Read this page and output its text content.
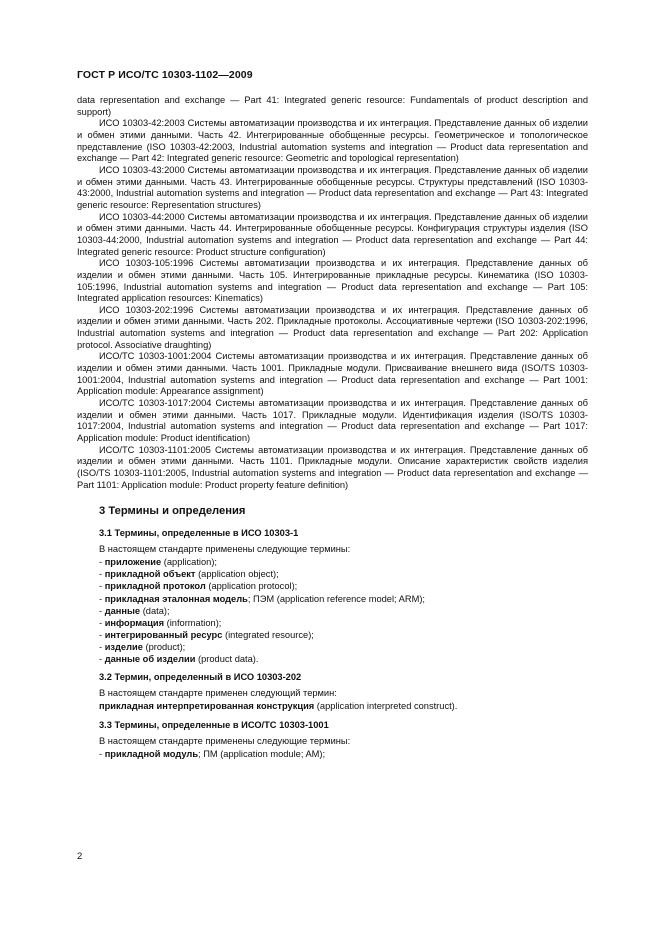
ГОСТ Р ИСО/ТС 10303-1102—2009

data representation and exchange — Part 41: Integrated generic resource: Fundamentals of product description and support)

ИСО 10303-42:2003 Системы автоматизации производства и их интеграция. Представление данных об изделии и обмен этими данными. Часть 42. Интегрированные обобщенные ресурсы. Геометрическое и топологическое представление (ISO 10303-42:2003, Industrial automation systems and integration — Product data representation and exchange — Part 42: Integrated generic resource: Geometric and topological representation)

ИСО 10303-43:2000 Системы автоматизации производства и их интеграция. Представление данных об изделии и обмен этими данными. Часть 43. Интегрированные обобщенные ресурсы. Структуры представлений (ISO 10303-43:2000, Industrial automation systems and integration — Product data representation and exchange — Part 43: Integrated generic resource: Representation structures)

ИСО 10303-44:2000 Системы автоматизации производства и их интеграция. Представление данных об изделии и обмен этими данными. Часть 44. Интегрированные обобщенные ресурсы. Конфигурация структуры изделия (ISO 10303-44:2000, Industrial automation systems and integration — Product data representation and exchange — Part 44: Integrated generic resource: Product structure configuration)

ИСО 10303-105:1996 Системы автоматизации производства и их интеграция. Представление данных об изделии и обмен этими данными. Часть 105. Интегрированные прикладные ресурсы. Кинематика (ISO 10303-105:1996, Industrial automation systems and integration — Product data representation and exchange — Part 105: Integrated application resources: Kinematics)

ИСО 10303-202:1996 Системы автоматизации производства и их интеграция. Представление данных об изделии и обмен этими данными. Часть 202. Прикладные протоколы. Ассоциативные чертежи (ISO 10303-202:1996, Industrial automation systems and integration — Product data representation and exchange — Part 202: Application protocol. Associative draughting)

ИСО/ТС 10303-1001:2004 Системы автоматизации производства и их интеграция. Представление данных об изделии и обмен этими данными. Часть 1001. Прикладные модули. Присваивание внешнего вида (ISO/TS 10303-1001:2004, Industrial automation systems and integration — Product data representation and exchange — Part 1001: Application module: Appearance assignment)

ИСО/ТС 10303-1017:2004 Системы автоматизации производства и их интеграция. Представление данных об изделии и обмен этими данными. Часть 1017. Прикладные модули. Идентификация изделия (ISO/TS 10303-1017:2004, Industrial automation systems and integration — Product data representation and exchange — Part 1017: Application module: Product identification)

ИСО/ТС 10303-1101:2005 Системы автоматизации производства и их интеграция. Представление данных об изделии и обмен этими данными. Часть 1101. Прикладные модули. Описание характеристик свойств изделия (ISO/TS 10303-1101:2005, Industrial automation systems and integration — Product data representation and exchange — Part 1101: Application module: Product property feature definition)

3 Термины и определения
3.1 Термины, определенные в ИСО 10303-1
В настоящем стандарте применены следующие термины:
- приложение (application);
- прикладной объект (application object);
- прикладной протокол (application protocol);
- прикладная эталонная модель; ПЭМ (application reference model; ARM);
- данные (data);
- информация (information);
- интегрированный ресурс (integrated resource);
- изделие (product);
- данные об изделии (product data).
3.2 Термин, определенный в ИСО 10303-202
В настоящем стандарте применен следующий термин:
прикладная интерпретированная конструкция (application interpreted construct).
3.3 Термины, определенные в ИСО/ТС 10303-1001
В настоящем стандарте применены следующие термины:
- прикладной модуль; ПМ (application module; AM);
2
